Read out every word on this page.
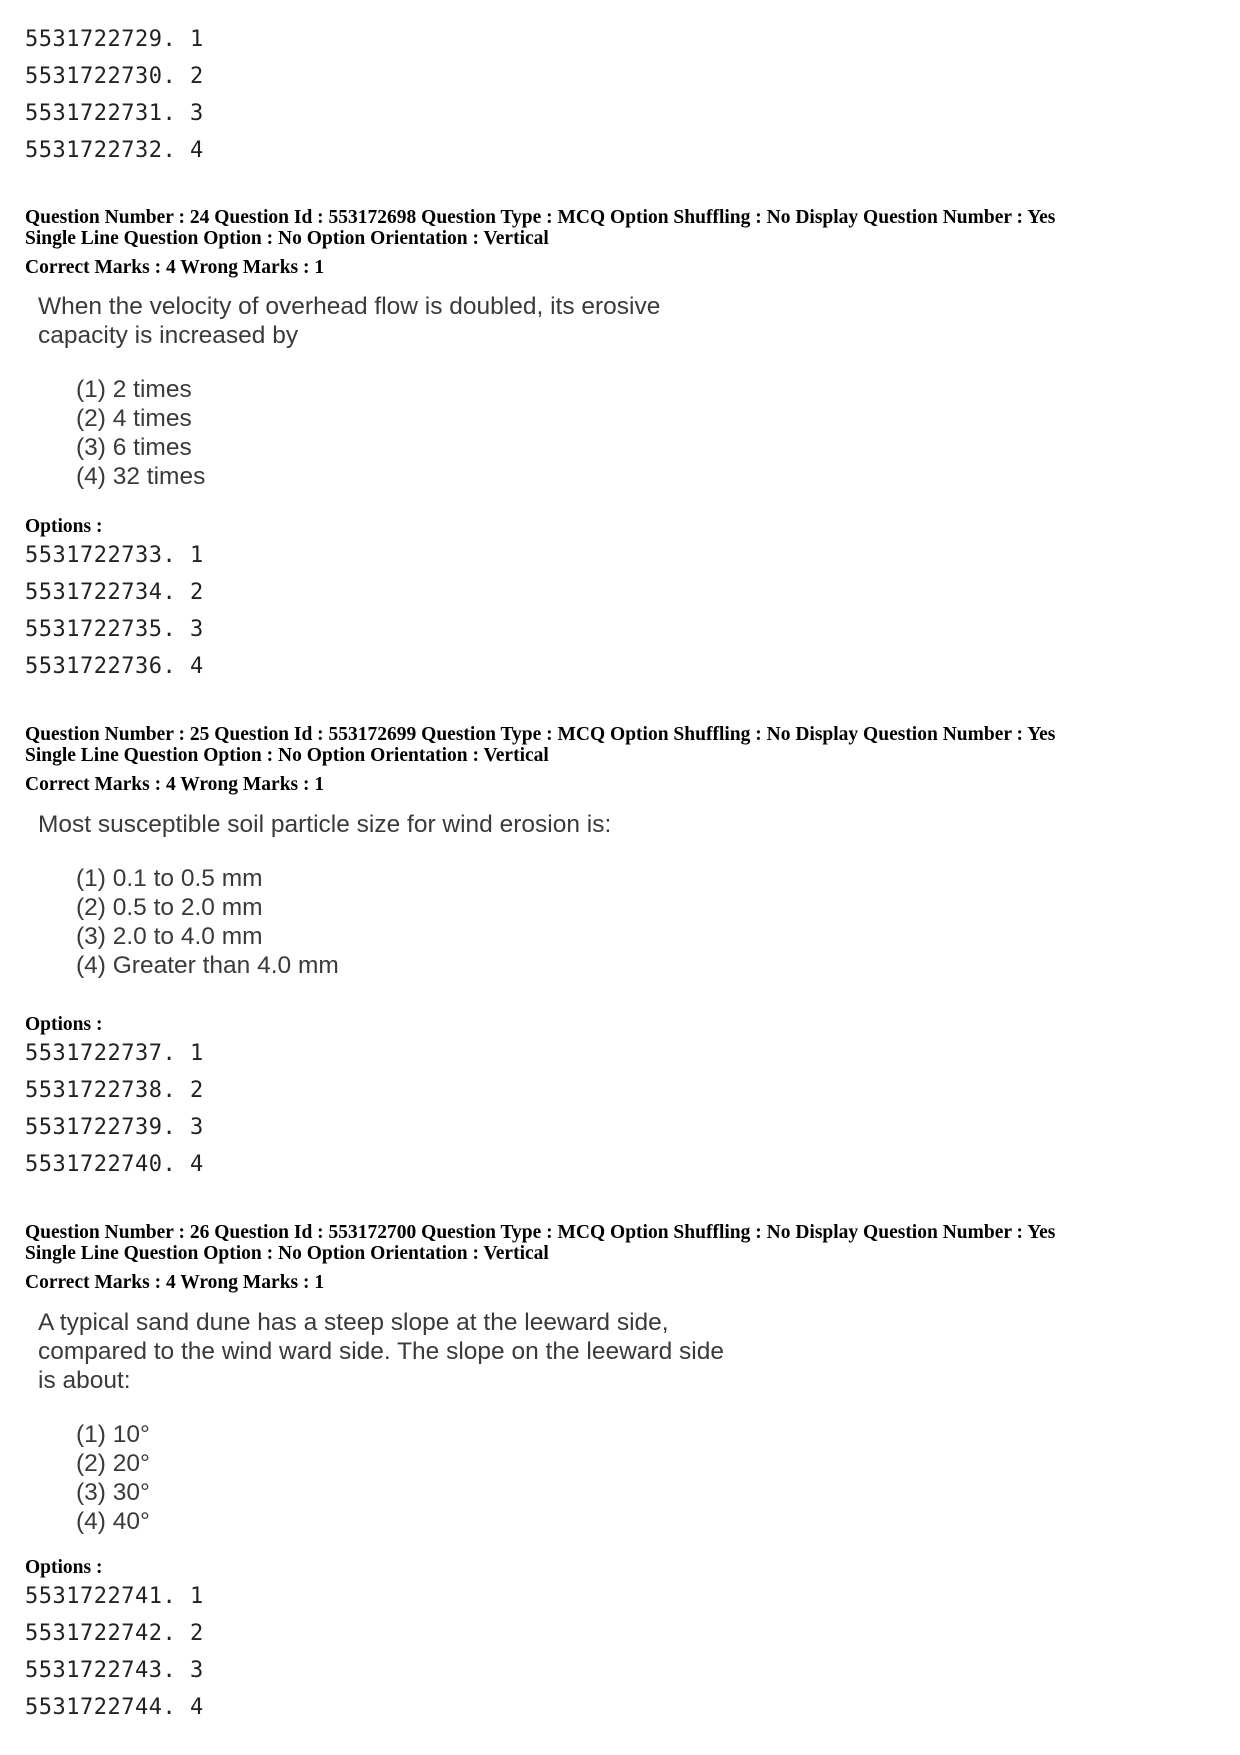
5531722729. 1
5531722730. 2
5531722731. 3
5531722732. 4
Question Number : 24 Question Id : 553172698 Question Type : MCQ Option Shuffling : No Display Question Number : Yes
Single Line Question Option : No Option Orientation : Vertical
Correct Marks : 4 Wrong Marks : 1

When the velocity of overhead flow is doubled, its erosive
capacity is increased by

(1) 2 times
(2) 4 times
(3) 6 times
(4) 32 times
Options :
5531722733. 1
5531722734. 2
5531722735. 3
5531722736. 4
Question Number : 25 Question Id : 553172699 Question Type : MCQ Option Shuffling : No Display Question Number : Yes
Single Line Question Option : No Option Orientation : Vertical
Correct Marks : 4 Wrong Marks : 1

Most susceptible soil particle size for wind erosion is:

(1) 0.1 to 0.5 mm
(2) 0.5 to 2.0 mm
(3) 2.0 to 4.0 mm
(4) Greater than 4.0 mm
Options :
5531722737. 1
5531722738. 2
5531722739. 3
5531722740. 4
Question Number : 26 Question Id : 553172700 Question Type : MCQ Option Shuffling : No Display Question Number : Yes
Single Line Question Option : No Option Orientation : Vertical
Correct Marks : 4 Wrong Marks : 1

A typical sand dune has a steep slope at the leeward side,
compared to the wind ward side. The slope on the leeward side
is about:

(1) 10°
(2) 20°
(3) 30°
(4) 40°
Options :
5531722741. 1
5531722742. 2
5531722743. 3
5531722744. 4
